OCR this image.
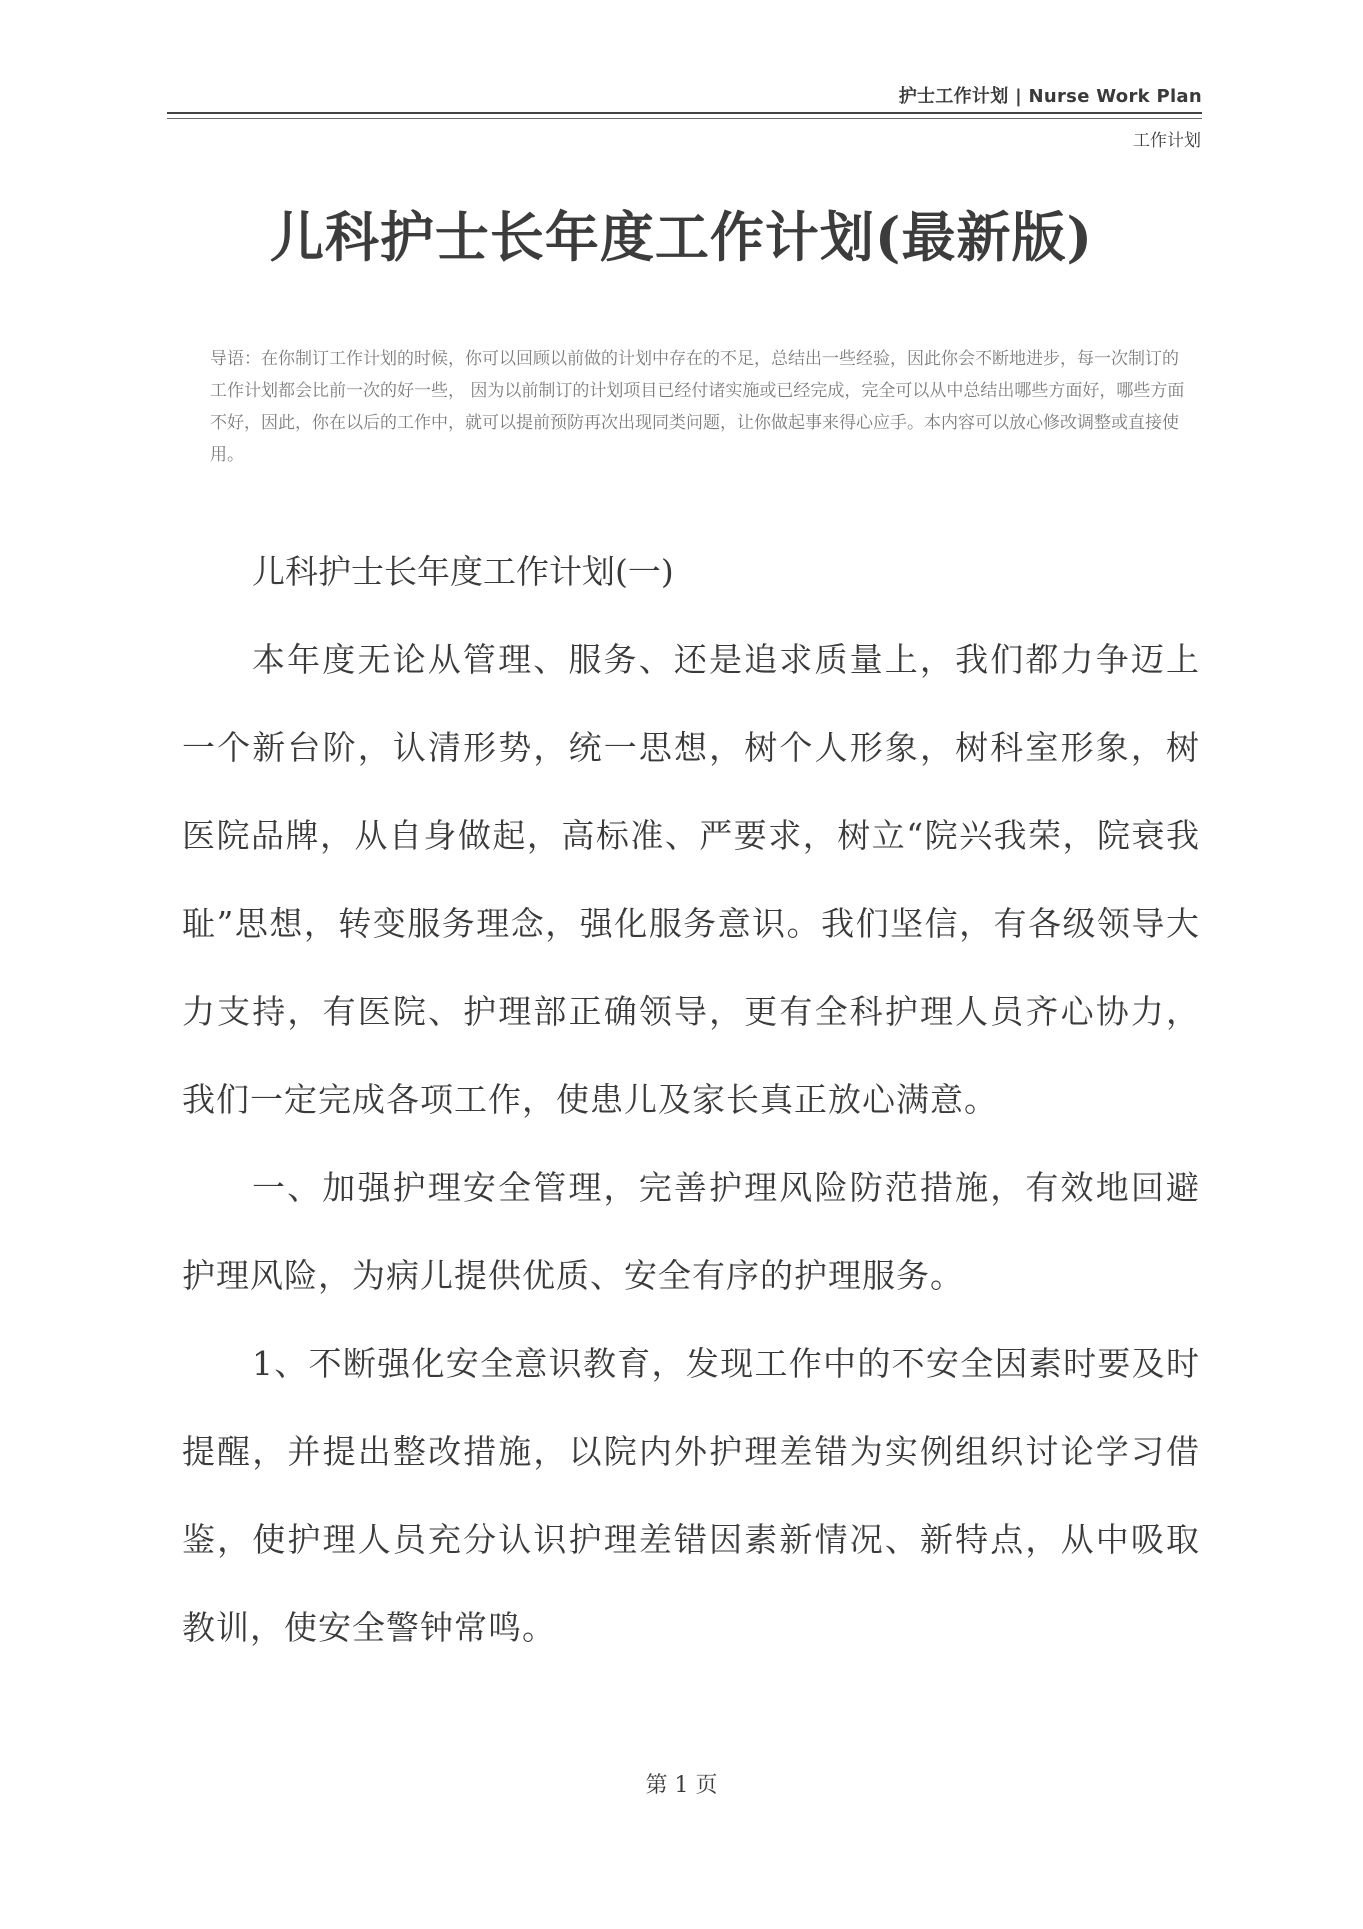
护士工作计划 | Nurse Work Plan
工作计划
儿科护士长年度工作计划(最新版)

导语：在你制订工作计划的时候，你可以回顾以前做的计划中存在的不足，总结出一些经验，因此你会不断地进步，每一次制订的工作计划都会比前一次的好一些， 因为以前制订的计划项目已经付诸实施或已经完成，完全可以从中总结出哪些方面好，哪些方面不好，因此，你在以后的工作中，就可以提前预防再次出现同类问题，让你做起事来得心应手。本内容可以放心修改调整或直接使用。

儿科护士长年度工作计划(一)

本年度无论从管理、服务、还是追求质量上，我们都力争迈上一个新台阶，认清形势，统一思想，树个人形象，树科室形象，树医院品牌，从自身做起，高标准、严要求，树立“院兴我荣，院衰我耻”思想，转变服务理念，强化服务意识。我们坚信，有各级领导大力支持，有医院、护理部正确领导，更有全科护理人员齐心协力，我们一定完成各项工作，使患儿及家长真正放心满意。

一、加强护理安全管理，完善护理风险防范措施，有效地回避护理风险，为病儿提供优质、安全有序的护理服务。

1、不断强化安全意识教育，发现工作中的不安全因素时要及时提醒，并提出整改措施，以院内外护理差错为实例组织讨论学习借鉴，使护理人员充分认识护理差错因素新情况、新特点，从中吸取教训，使安全警钟常鸣。

第 1 页
